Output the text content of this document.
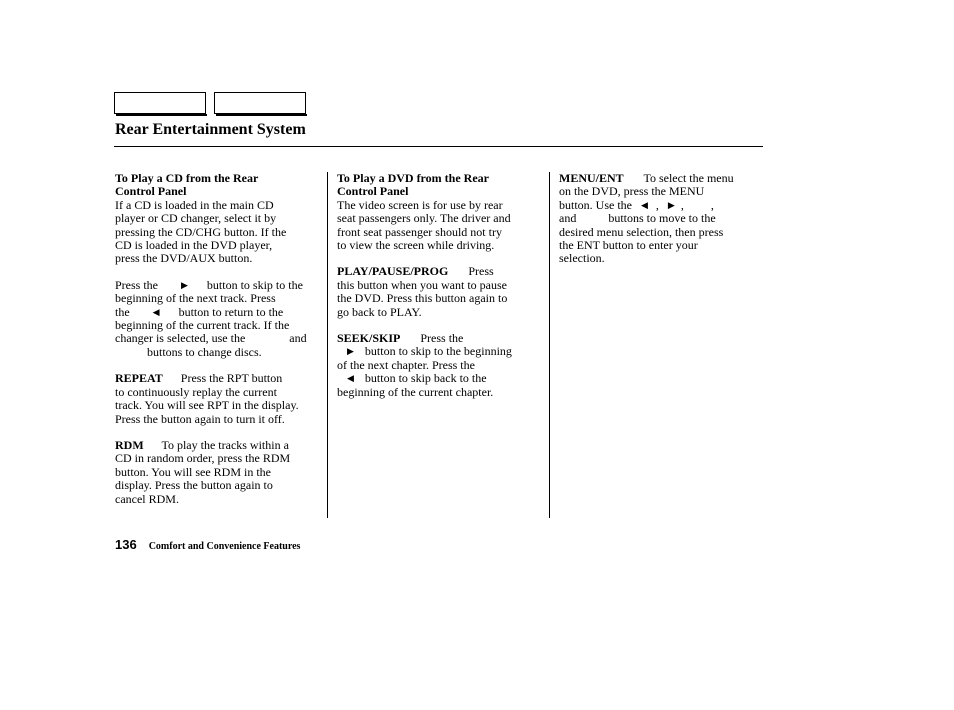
Rear Entertainment System
To Play a CD from the Rear
Control Panel
If a CD is loaded in the main CD
player or CD changer, select it by
pressing the CD/CHG button. If the
CD is loaded in the DVD player,
press the DVD/AUX button.
Press the	▶ button to skip to the
beginning of the next track. Press
the	◀ button to return to the
beginning of the current track. If the
changer is selected, use the	and
buttons to change discs.
REPEAT Press the RPT button
to continuously replay the current
track. You will see RPT in the display.
Press the button again to turn it off.
RDM To play the tracks within a
CD in random order, press the RDM
button. You will see RDM in the
display. Press the button again to
cancel RDM.
To Play a DVD from the Rear
Control Panel
The video screen is for use by rear
seat passengers only. The driver and
front seat passenger should not try
to view the screen while driving.
PLAY/PAUSE/PROG Press
this button when you want to pause
the DVD. Press this button again to
go back to PLAY.
SEEK/SKIP Press the
▶ button to skip to the beginning
of the next chapter. Press the
◀ button to skip back to the
beginning of the current chapter.
MENU/ENT To select the menu
on the DVD, press the MENU
button. Use the ◀ , ▶ , ,
and	buttons to move to the
desired menu selection, then press
the ENT button to enter your
selection.
136 Comfort and Convenience Features
